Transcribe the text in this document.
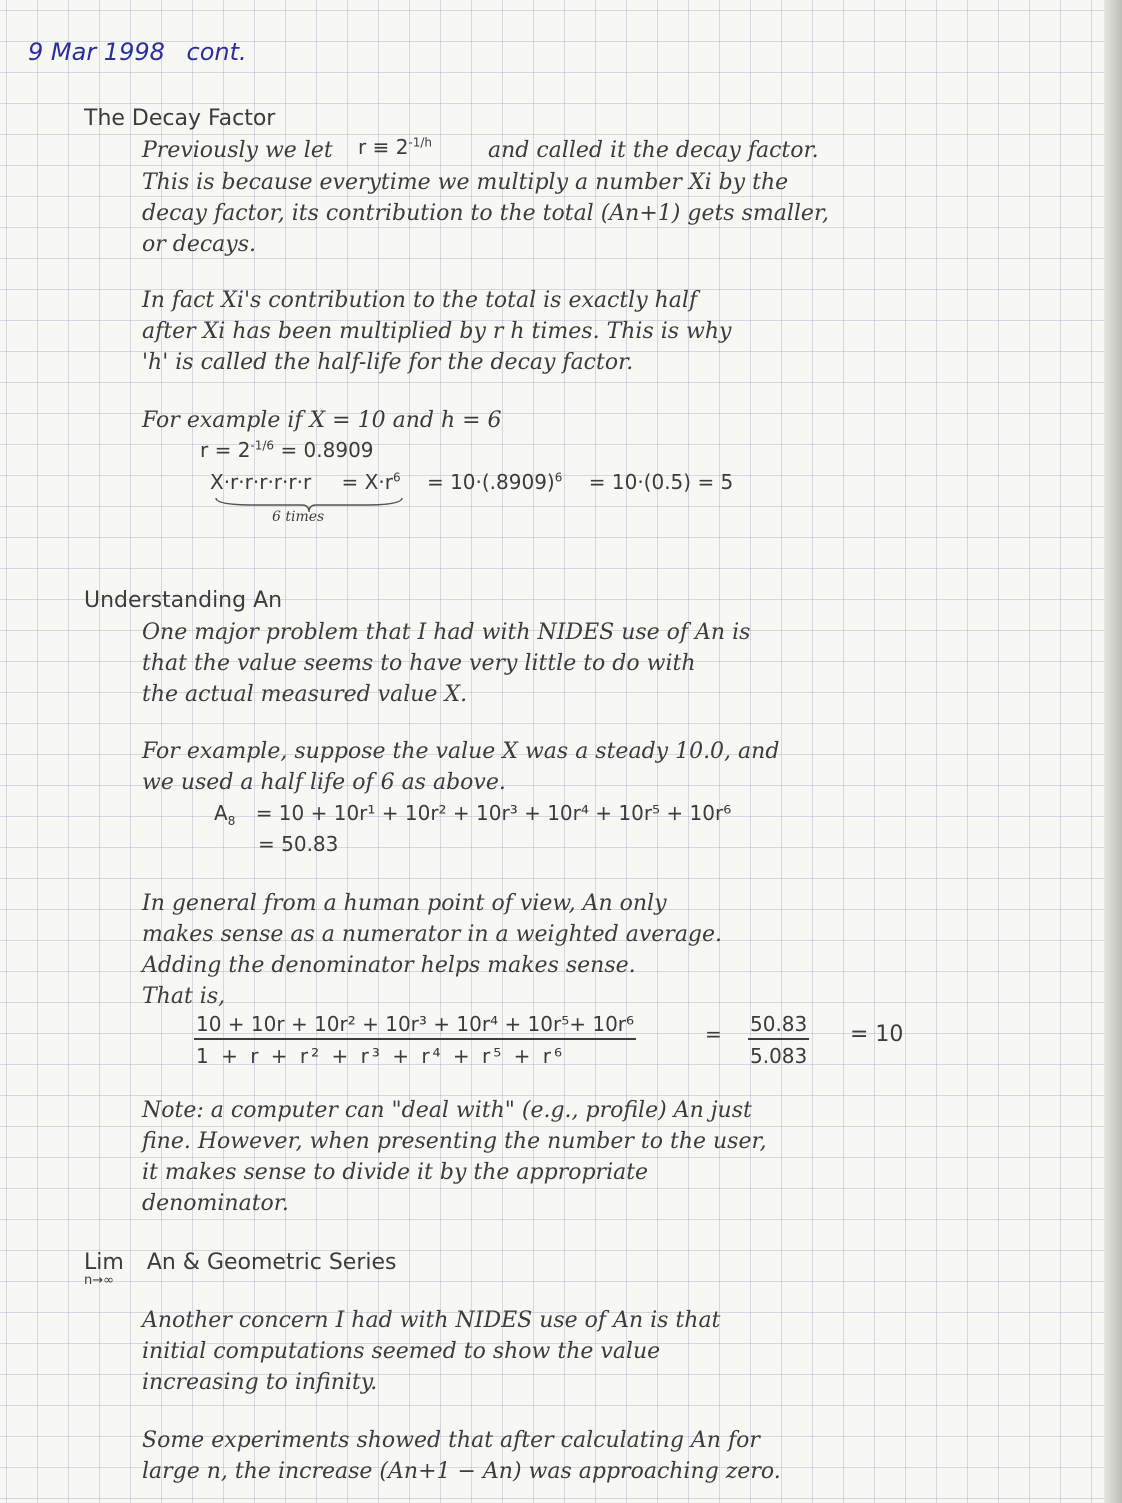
9 Mar 1998 cont.
The Decay Factor
Previously we let $r \equiv 2^{-1/h}$	and called it the decay factor.
This is because everytime we multiply a number Xi by the
decay factor, its contribution to the total (An+1) gets smaller,
or decays.
In fact Xi's contribution to the total is exactly half
after Xi has been multiplied by r h times. This is why
'h' is called the half-life for the decay factor.
For example if X = 10 and h = 6
$r = 2^{-1/6} = 0.8909$
$X\cdot r\cdot r\cdot r\cdot r\cdot r\cdot r = X\cdot r^6 = 10\cdot(.8909)^6 = 10\cdot(0.5) = 5$
6 times
Understanding An
One major problem that I had with NIDES use of An is
that the value seems to have very little to do with
the actual measured value X.
For example, suppose the value X was a steady 10.0, and
we used a half life of 6 as above.
$A_8 = 10 + 10r^1 + 10r^2 + 10r^3 + 10r^4 + 10r^5 + 10r^6$
= 50.83
In general from a human point of view, An only
makes sense as a numerator in a weighted average.
Adding the denominator helps makes sense.
That is,
$\frac{\text{10 + 10r + 10r² + 10r³ + 10r⁴ + 10r⁵+ 10r⁶}}{\text{1 + r + r² + r³ + r⁴ + r⁵ + r⁶}}$	= $\frac{50.83}{5.083} = 10$
Note: a computer can "deal with" (e.g., profile) An just
fine. However, when presenting the number to the user,
it makes sense to divide it by the appropriate
denominator.
Lim
n→∞
An & Geometric Series
Another concern I had with NIDES use of An is that
initial computations seemed to show the value
increasing to infinity.
Some experiments showed that after calculating An for
large n, the increase (An+1 − An) was approaching zero.
